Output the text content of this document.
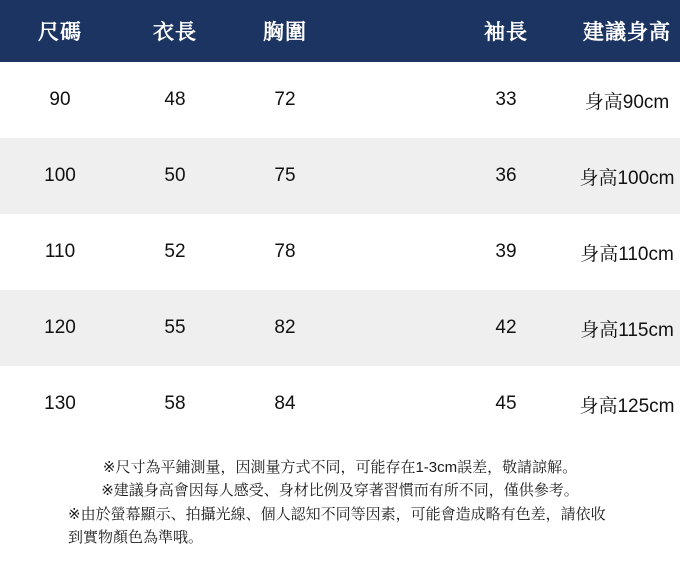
尺碼	衣長	胸圍		袖長	建議身高
90	48	72		33	身高90cm
100	50	75		36	身高100cm
110	52	78		39	身高110cm
120	55	82		42	身高115cm
130	58	84		45	身高125cm
※尺寸為平鋪測量，因測量方式不同，可能存在1-3cm誤差，敬請諒解。
※建議身高會因每人感受、身材比例及穿著習慣而有所不同，僅供參考。
※由於螢幕顯示、拍攝光線、個人認知不同等因素，可能會造成略有色差，請依收到實物顏色為準哦。
